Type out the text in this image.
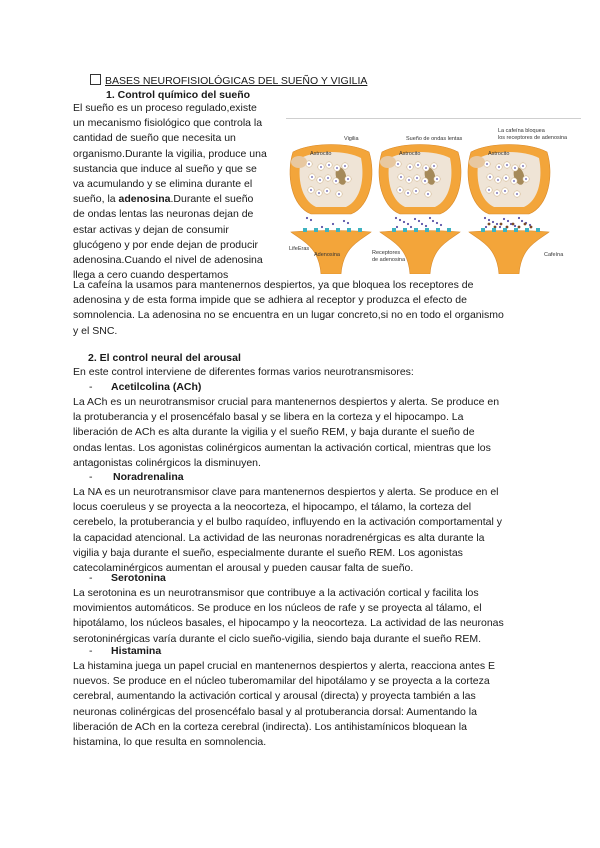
BASES NEUROFISIOLÓGICAS DEL SUEÑO Y VIGILIA
1. Control químico del sueño
El sueño es un proceso regulado,existe
un mecanismo fisiológico que controla la
cantidad de sueño que necesita un
organismo.Durante la vigilia, produce una
sustancia que induce al sueño y que se
va acumulando y se elimina durante el
sueño, la adenosina.Durante el sueño
de ondas lentas las neuronas dejan de
estar activas y dejan de consumir
glucógeno y por ende dejan de producir
adenosina.Cuando el nivel de adenosina
llega a cero cuando despertamos
Vigilia	Sueño de ondas lentas
La cafeína bloquea
los receptores de adenosina
Astrocito	Astrocito	Astrocito
LifeEras
Adenosina	Receptores
de adenosina
Cafeína
La cafeína la usamos para mantenernos despiertos, ya que bloquea los receptores de
adenosina y de esta forma impide que se adhiera al receptor y produzca el efecto de
somnolencia. La adenosina no se encuentra en un lugar concreto,si no en todo el organismo
y el SNC.
2. El control neural del arousal
En este control interviene de diferentes formas varios neurotransmisores:
- Acetilcolina (ACh)
La ACh es un neurotransmisor crucial para mantenernos despiertos y alerta. Se produce en
la protuberancia y el prosencéfalo basal y se libera en la corteza y el hipocampo. La
liberación de ACh es alta durante la vigilia y el sueño REM, y baja durante el sueño de
ondas lentas. Los agonistas colinérgicos aumentan la activación cortical, mientras que los
antagonistas colinérgicos la disminuyen.
- Noradrenalina
La NA es un neurotransmisor clave para mantenernos despiertos y alerta. Se produce en el
locus coeruleus y se proyecta a la neocorteza, el hipocampo, el tálamo, la corteza del
cerebelo, la protuberancia y el bulbo raquídeo, influyendo en la activación comportamental y
la capacidad atencional. La actividad de las neuronas noradrenérgicas es alta durante la
vigilia y baja durante el sueño, especialmente durante el sueño REM. Los agonistas
catecolaminérgicos aumentan el arousal y pueden causar falta de sueño.
- Serotonina
La serotonina es un neurotransmisor que contribuye a la activación cortical y facilita los
movimientos automáticos. Se produce en los núcleos de rafe y se proyecta al tálamo, el
hipotálamo, los núcleos basales, el hipocampo y la neocorteza. La actividad de las neuronas
serotoninérgicas varía durante el ciclo sueño-vigilia, siendo baja durante el sueño REM.
- Histamina
La histamina juega un papel crucial en mantenernos despiertos y alerta, reacciona antes E
nuevos. Se produce en el núcleo tuberomamilar del hipotálamo y se proyecta a la corteza
cerebral, aumentando la activación cortical y arousal (directa) y proyecta también a las
neuronas colinérgicas del prosencéfalo basal y al protuberancia dorsal: Aumentando la
liberación de ACh en la corteza cerebral (indirecta). Los antihistamínicos bloquean la
histamina, lo que resulta en somnolencia.
